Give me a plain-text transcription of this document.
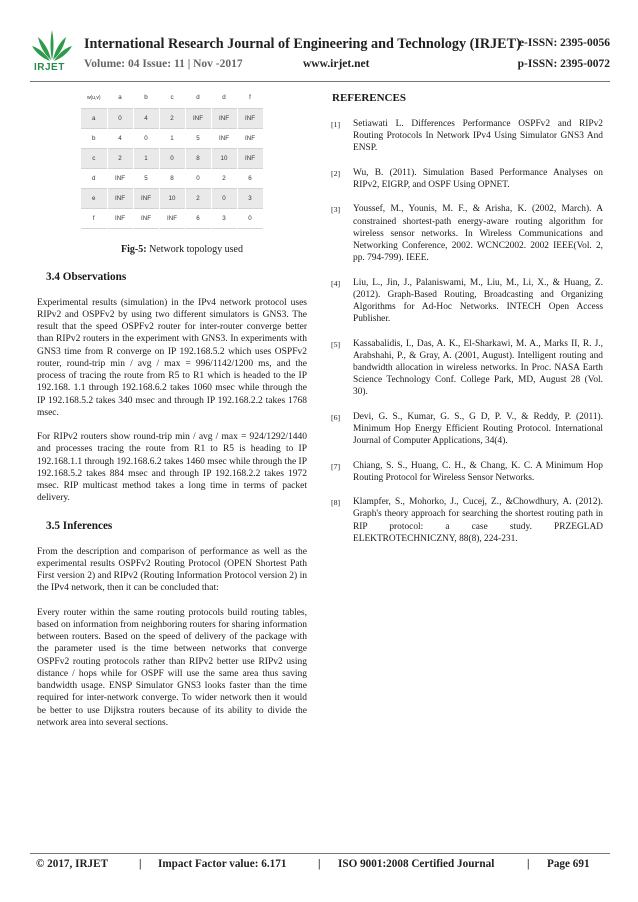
IRJET
International Research Journal of Engineering and Technology (IRJET)
e-ISSN: 2395-0056
Volume: 04 Issue: 11 | Nov -2017	www.irjet.net	p-ISSN: 2395-0072
w(u,v)	a	b	c	d	d	f
a	0	4	2	INF	INF	INF
b	4	0	1	5	INF	INF
c	2	1	0	8	10	INF
d	INF	5	8	0	2	6
e	INF	INF	10	2	0	3
f	INF	INF	INF	6	3	0
Fig-5: Network topology used
3.4 Observations

Experimental results (simulation) in the IPv4 network protocol uses RIPv2 and OSPFv2 by using two different simulators is GNS3. The result that the speed OSPFv2 router for inter-router converge better than RIPv2 routers in the experiment with GNS3. In experiments with GNS3 time from R converge on IP 192.168.5.2 which uses OSPFv2 router, round-trip min / avg / max = 996/1142/1200 ms, and the process of tracing the route from R5 to R1 which is headed to the IP 192.168. 1.1 through 192.168.6.2 takes 1060 msec while through the IP 192.168.5.2 takes 340 msec and through IP 192.168.2.2 takes 1768 msec.

For RIPv2 routers show round-trip min / avg / max = 924/1292/1440 and processes tracing the route from R1 to R5 is heading to IP 192.168.1.1 through 192.168.6.2 takes 1460 msec while through the IP 192.168.5.2 takes 884 msec and through IP 192.168.2.2 takes 1972 msec. RIP multicast method takes a long time in terms of packet delivery.

3.5 Inferences

From the description and comparison of performance as well as the experimental results OSPFv2 Routing Protocol (OPEN Shortest Path First version 2) and RIPv2 (Routing Information Protocol version 2) in the IPv4 network, then it can be concluded that:

Every router within the same routing protocols build routing tables, based on information from neighboring routers for sharing information between routers. Based on the speed of delivery of the package with the parameter used is the time between networks that converge OSPFv2 routing protocols rather than RIPv2 better use RIPv2 using distance / hops while for OSPF will use the same area thus saving bandwidth usage. ENSP Simulator GNS3 looks faster than the time required for inter-network converge. To wider network then it would be better to use Dijkstra routers because of its ability to divide the network area into several sections.

REFERENCES
[1] Setiawati L. Differences Performance OSPFv2 and RIPv2 Routing Protocols In Network IPv4 Using Simulator GNS3 And ENSP.
[2] Wu, B. (2011). Simulation Based Performance Analyses on RIPv2, EIGRP, and OSPF Using OPNET.
[3] Youssef, M., Younis, M. F., & Arisha, K. (2002, March). A constrained shortest-path energy-aware routing algorithm for wireless sensor networks. In Wireless Communications and Networking Conference, 2002. WCNC2002. 2002 IEEE(Vol. 2, pp. 794-799). IEEE.
[4] Liu, L., Jin, J., Palaniswami, M., Liu, M., Li, X., & Huang, Z. (2012). Graph-Based Routing, Broadcasting and Organizing Algorithms for Ad-Hoc Networks. INTECH Open Access Publisher.
[5] Kassabalidis, I., Das, A. K., El-Sharkawi, M. A., Marks II, R. J., Arabshahi, P., & Gray, A. (2001, August). Intelligent routing and bandwidth allocation in wireless networks. In Proc. NASA Earth Science Technology Conf. College Park, MD, August 28 (Vol. 30).
[6] Devi, G. S., Kumar, G. S., G D, P. V., & Reddy, P. (2011). Minimum Hop Energy Efficient Routing Protocol. International Journal of Computer Applications, 34(4).
[7] Chiang, S. S., Huang, C. H., & Chang, K. C. A Minimum Hop Routing Protocol for Wireless Sensor Networks.
[8] Klampfer, S., Mohorko, J., Cucej, Z., &Chowdhury, A. (2012). Graph's theory approach for searching the shortest routing path in RIP protocol: a case study. PRZEGLAD ELEKTROTECHNICZNY, 88(8), 224-231.
© 2017, IRJET	| Impact Factor value: 6.171	| ISO 9001:2008 Certified Journal	| Page 691
